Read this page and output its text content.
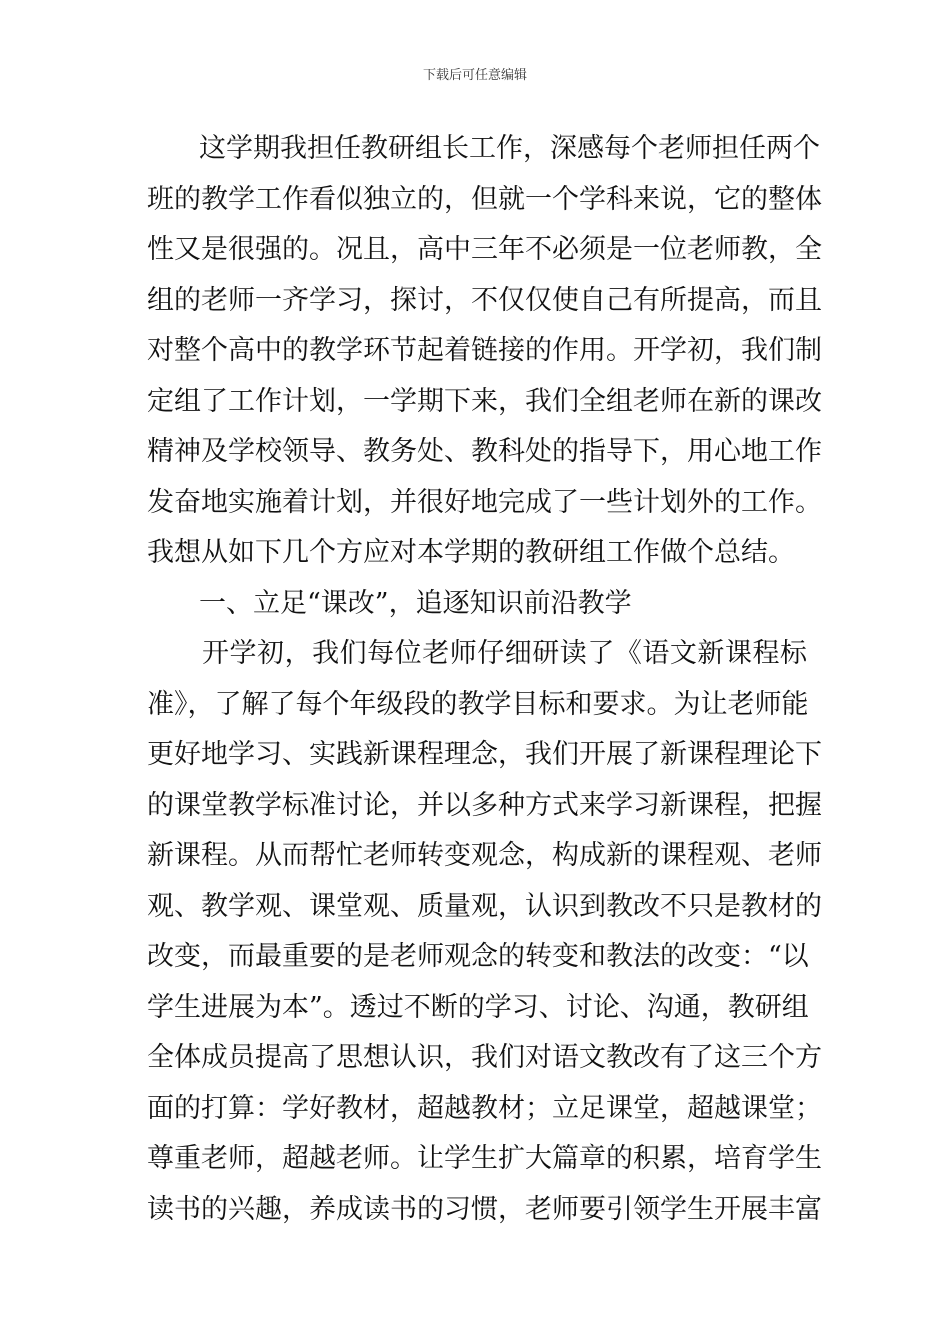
下载后可任意编辑
这学期我担任教研组长工作，深感每个老师担任两个
班的教学工作看似独立的，但就一个学科来说，它的整体
性又是很强的。况且，高中三年不必须是一位老师教，全
组的老师一齐学习，探讨，不仅仅使自己有所提高，而且
对整个高中的教学环节起着链接的作用。开学初，我们制
定组了工作计划，一学期下来，我们全组老师在新的课改
精神及学校领导、教务处、教科处的指导下，用心地工作
发奋地实施着计划，并很好地完成了一些计划外的工作。
我想从如下几个方应对本学期的教研组工作做个总结。
一、立足“课改”，追逐知识前沿教学
开学初，我们每位老师仔细研读了《语文新课程标
准》，了解了每个年级段的教学目标和要求。为让老师能
更好地学习、实践新课程理念，我们开展了新课程理论下
的课堂教学标准讨论，并以多种方式来学习新课程，把握
新课程。从而帮忙老师转变观念，构成新的课程观、老师
观、教学观、课堂观、质量观，认识到教改不只是教材的
改变，而最重要的是老师观念的转变和教法的改变：“以
学生进展为本”。透过不断的学习、讨论、沟通，教研组
全体成员提高了思想认识，我们对语文教改有了这三个方
面的打算：学好教材，超越教材；立足课堂，超越课堂；
尊重老师，超越老师。让学生扩大篇章的积累，培育学生
读书的兴趣，养成读书的习惯，老师要引领学生开展丰富
